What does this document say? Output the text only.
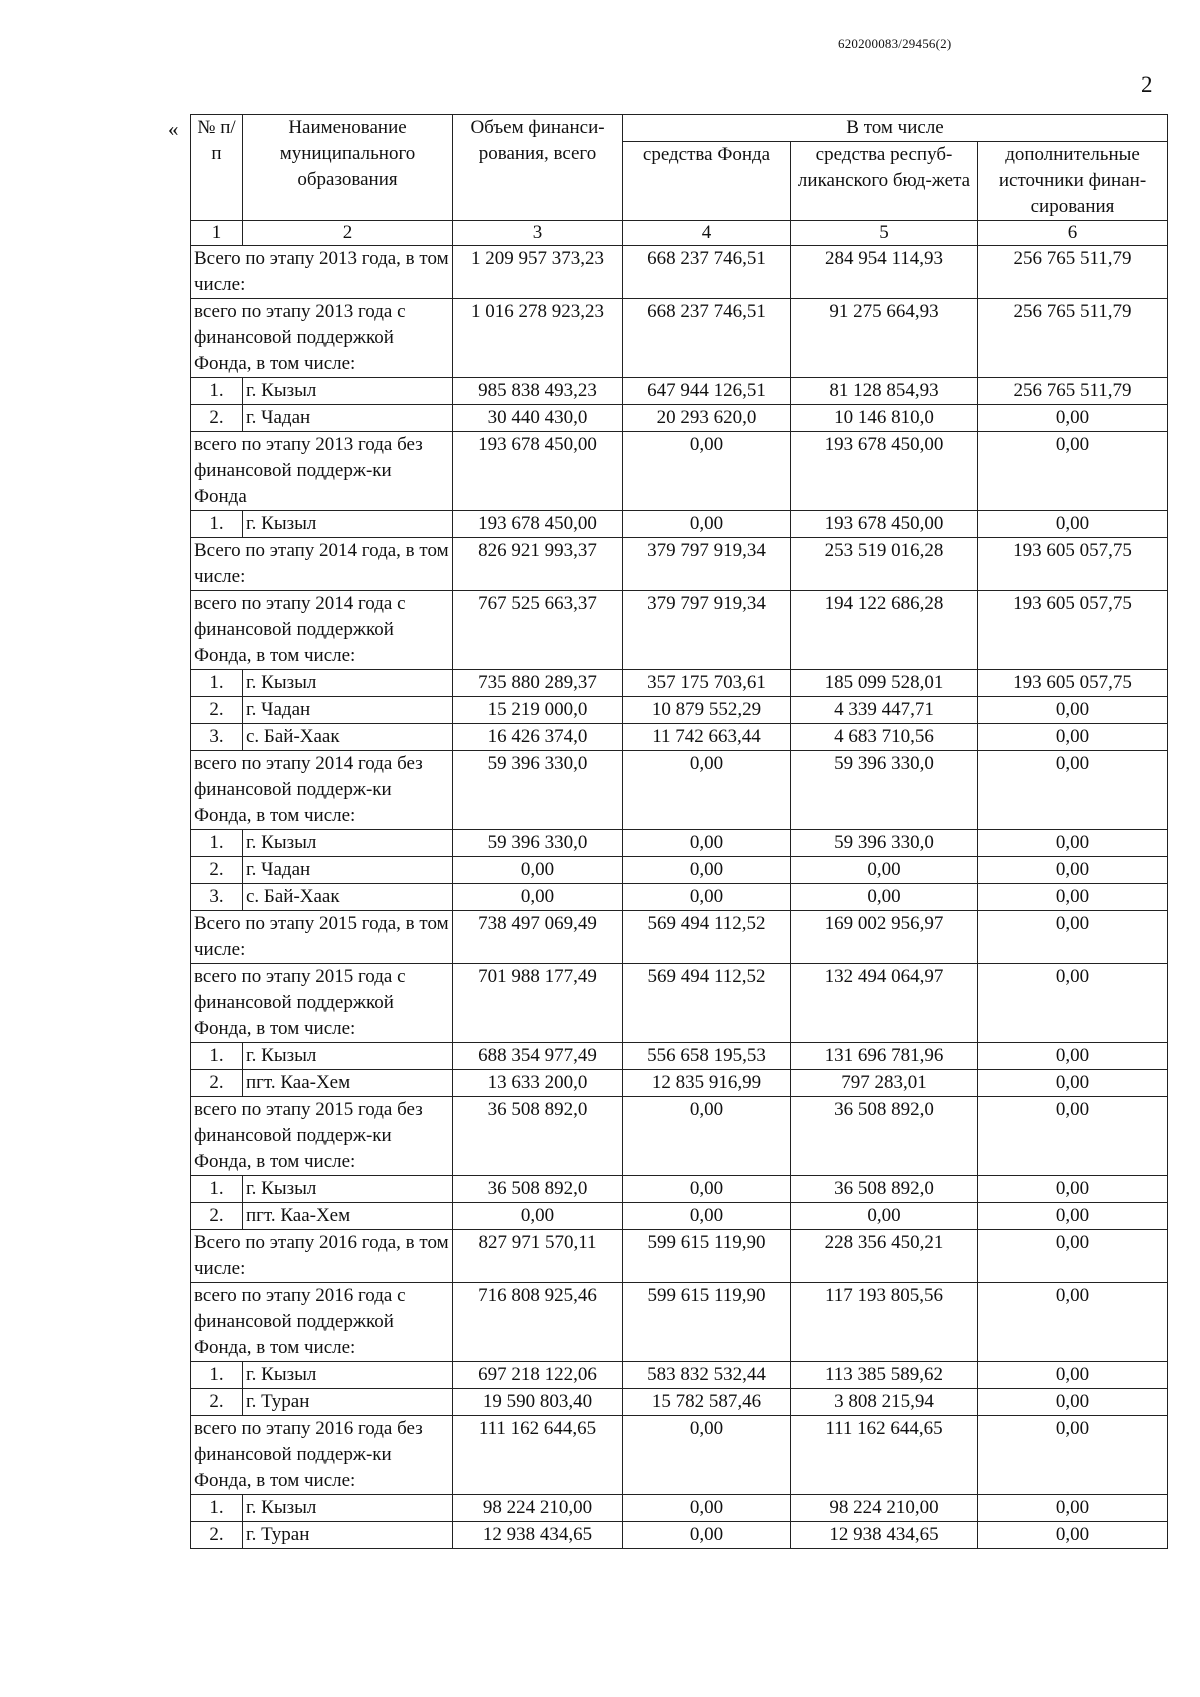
620200083/29456(2)
2
« № п/п	Наименование муниципального образования	Объем финанси-рования, всего	В том числе		
			средства Фонда	средства респуб-ликанского бюд-жета	дополнительные источники финан-сирования
1	2	3	4	5	6
Всего по этапу 2013 года, в том числе:		1 209 957 373,23	668 237 746,51	284 954 114,93	256 765 511,79
всего по этапу 2013 года с финансовой поддержкой Фонда, в том числе:		1 016 278 923,23	668 237 746,51	91 275 664,93	256 765 511,79
1.	г. Кызыл	985 838 493,23	647 944 126,51	81 128 854,93	256 765 511,79
2.	г. Чадан	30 440 430,0	20 293 620,0	10 146 810,0	0,00
всего по этапу 2013 года без финансовой поддерж-ки Фонда		193 678 450,00	0,00	193 678 450,00	0,00
1.	г. Кызыл	193 678 450,00	0,00	193 678 450,00	0,00
Всего по этапу 2014 года, в том числе:		826 921 993,37	379 797 919,34	253 519 016,28	193 605 057,75
всего по этапу 2014 года с финансовой поддержкой Фонда, в том числе:		767 525 663,37	379 797 919,34	194 122 686,28	193 605 057,75
1.	г. Кызыл	735 880 289,37	357 175 703,61	185 099 528,01	193 605 057,75
2.	г. Чадан	15 219 000,0	10 879 552,29	4 339 447,71	0,00
3.	с. Бай-Хаак	16 426 374,0	11 742 663,44	4 683 710,56	0,00
всего по этапу 2014 года без финансовой поддерж-ки Фонда, в том числе:		59 396 330,0	0,00	59 396 330,0	0,00
1.	г. Кызыл	59 396 330,0	0,00	59 396 330,0	0,00
2.	г. Чадан	0,00	0,00	0,00	0,00
3.	с. Бай-Хаак	0,00	0,00	0,00	0,00
Всего по этапу 2015 года, в том числе:		738 497 069,49	569 494 112,52	169 002 956,97	0,00
всего по этапу 2015 года с финансовой поддержкой Фонда, в том числе:		701 988 177,49	569 494 112,52	132 494 064,97	0,00
1.	г. Кызыл	688 354 977,49	556 658 195,53	131 696 781,96	0,00
2.	пгт. Каа-Хем	13 633 200,0	12 835 916,99	797 283,01	0,00
всего по этапу 2015 года без финансовой поддерж-ки Фонда, в том числе:		36 508 892,0	0,00	36 508 892,0	0,00
1.	г. Кызыл	36 508 892,0	0,00	36 508 892,0	0,00
2.	пгт. Каа-Хем	0,00	0,00	0,00	0,00
Всего по этапу 2016 года, в том числе:		827 971 570,11	599 615 119,90	228 356 450,21	0,00
всего по этапу 2016 года с финансовой поддержкой Фонда, в том числе:		716 808 925,46	599 615 119,90	117 193 805,56	0,00
1.	г. Кызыл	697 218 122,06	583 832 532,44	113 385 589,62	0,00
2.	г. Туран	19 590 803,40	15 782 587,46	3 808 215,94	0,00
всего по этапу 2016 года без финансовой поддерж-ки Фонда, в том числе:		111 162 644,65	0,00	111 162 644,65	0,00
1.	г. Кызыл	98 224 210,00	0,00	98 224 210,00	0,00
2.	г. Туран	12 938 434,65	0,00	12 938 434,65	0,00
